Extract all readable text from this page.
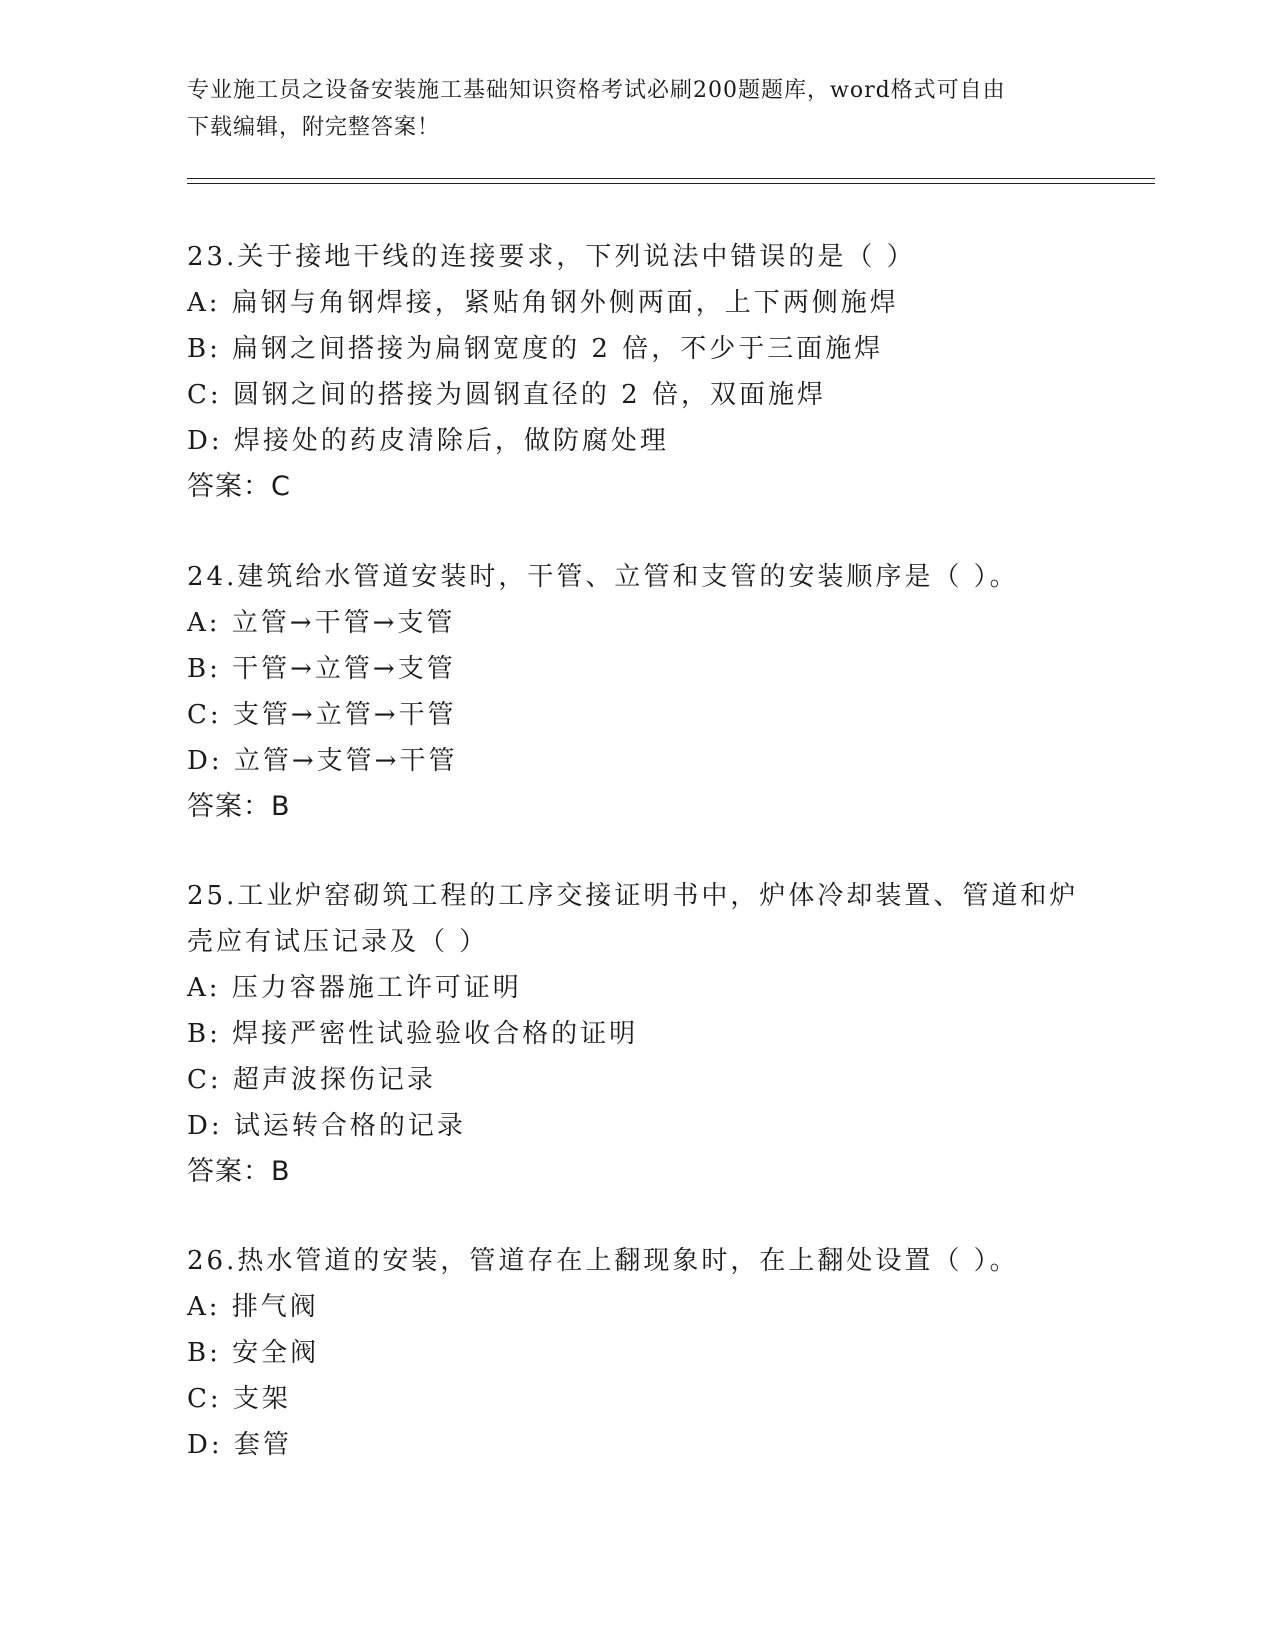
专业施工员之设备安装施工基础知识资格考试必刷200题题库，word格式可自由
下载编辑，附完整答案！
23.关于接地干线的连接要求，下列说法中错误的是（ ）
A: 扁钢与角钢焊接，紧贴角钢外侧两面，上下两侧施焊
B: 扁钢之间搭接为扁钢宽度的 2 倍，不少于三面施焊
C: 圆钢之间的搭接为圆钢直径的 2 倍，双面施焊
D: 焊接处的药皮清除后，做防腐处理
答案：C
24.建筑给水管道安装时，干管、立管和支管的安装顺序是（ ）。
A: 立管→干管→支管
B: 干管→立管→支管
C: 支管→立管→干管
D: 立管→支管→干管
答案：B
25.工业炉窑砌筑工程的工序交接证明书中，炉体冷却装置、管道和炉
壳应有试压记录及（ ）
A: 压力容器施工许可证明
B: 焊接严密性试验验收合格的证明
C: 超声波探伤记录
D: 试运转合格的记录
答案：B
26.热水管道的安装，管道存在上翻现象时，在上翻处设置（ ）。
A: 排气阀
B: 安全阀
C: 支架
D: 套管
